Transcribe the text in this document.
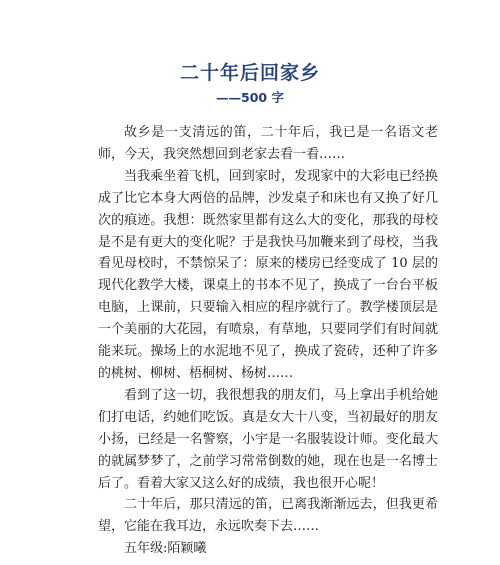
二十年后回家乡
——500 字

故乡是一支清远的笛，二十年后，我已是一名语文老师，今天，我突然想回到老家去看一看……

当我乘坐着飞机，回到家时，发现家中的大彩电已经换成了比它本身大两倍的品牌，沙发桌子和床也有又换了好几次的痕迹。我想：既然家里都有这么大的变化，那我的母校是不是有更大的变化呢？于是我快马加鞭来到了母校，当我看见母校时，不禁惊呆了：原来的楼房已经变成了 10 层的现代化教学大楼，课桌上的书本不见了，换成了一台台平板电脑，上课前，只要输入相应的程序就行了。教学楼顶层是一个美丽的大花园，有喷泉，有草地，只要同学们有时间就能来玩。操场上的水泥地不见了，换成了瓷砖，还种了许多的桃树、柳树、梧桐树、杨树……

看到了这一切，我很想我的朋友们，马上拿出手机给她们打电话，约她们吃饭。真是女大十八变，当初最好的朋友小扬，已经是一名警察，小宇是一名服装设计师。变化最大的就属梦梦了，之前学习常常倒数的她，现在也是一名博士后了。看着大家又这么好的成绩，我也很开心呢！

二十年后，那只清远的笛，已离我渐渐远去，但我更希望，它能在我耳边，永远吹奏下去……

五年级:陌颖曦
